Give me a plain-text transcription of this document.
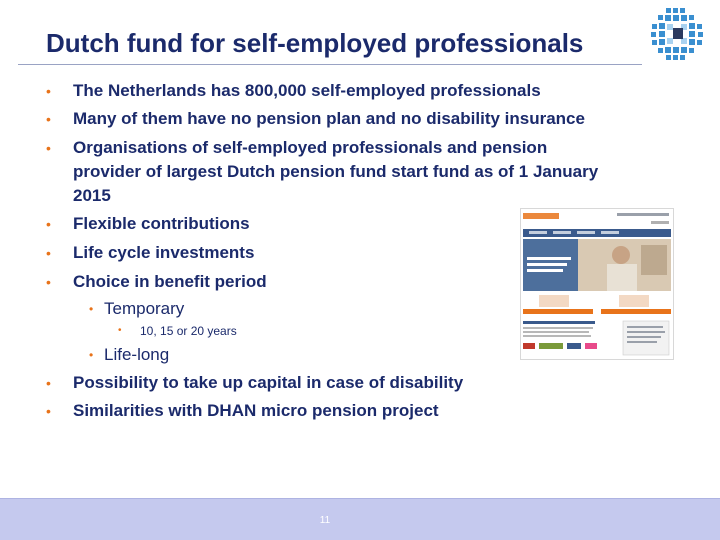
Dutch fund for self-employed professionals
• The Netherlands has 800,000 self-employed professionals
• Many of them have no pension plan and no disability insurance
• Organisations of self-employed professionals and pension
provider of largest Dutch pension fund start fund as of 1 January
2015
• Flexible contributions
• Life cycle investments
• Choice in benefit period
• Temporary
• 10, 15 or 20 years
• Life-long
• Possibility to take up capital in case of disability
• Similarities with DHAN micro pension project
11
